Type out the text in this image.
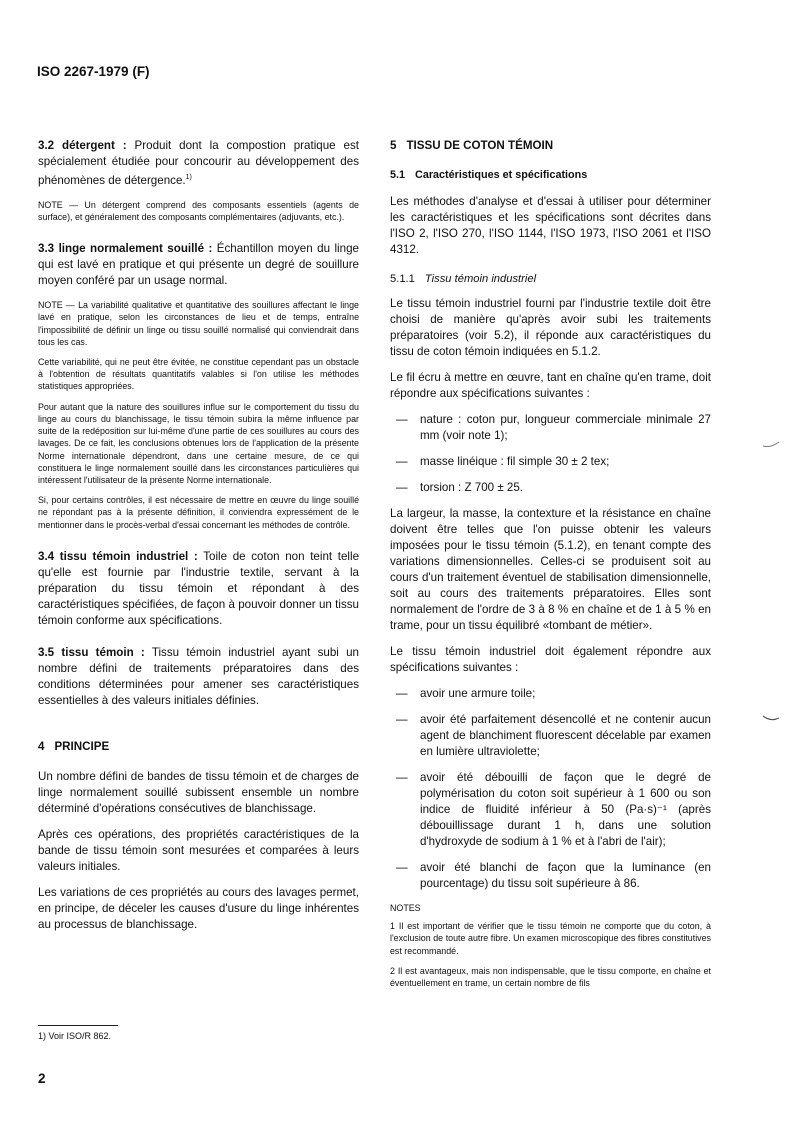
ISO 2267-1979 (F)

3.2 détergent : Produit dont la compostion pratique est spécialement étudiée pour concourir au développement des phénomènes de détergence.$^{1)}$

NOTE — Un détergent comprend des composants essentiels (agents de surface), et généralement des composants complémentaires (adjuvants, etc.).

3.3 linge normalement souillé : Échantillon moyen du linge qui est lavé en pratique et qui présente un degré de souillure moyen conféré par un usage normal.

NOTE — La variabilité qualitative et quantitative des souillures affectant le linge lavé en pratique, selon les circonstances de lieu et de temps, entraîne l'impossibilité de définir un linge ou tissu souillé normalisé qui conviendrait dans tous les cas.

Cette variabilité, qui ne peut être évitée, ne constitue cependant pas un obstacle à l'obtention de résultats quantitatifs valables si l'on utilise les méthodes statistiques appropriées.

Pour autant que la nature des souillures influe sur le comportement du tissu du linge au cours du blanchissage, le tissu témoin subira la même influence par suite de la redéposition sur lui-même d'une partie de ces souillures au cours des lavages. De ce fait, les conclusions obtenues lors de l'application de la présente Norme internationale dépendront, dans une certaine mesure, de ce qui constituera le linge normalement souillé dans les circonstances particulières qui intéressent l'utilisateur de la présente Norme internationale.

Si, pour certains contrôles, il est nécessaire de mettre en œuvre du linge souillé ne répondant pas à la présente définition, il conviendra expressément de le mentionner dans le procès-verbal d'essai concernant les méthodes de contrôle.

3.4 tissu témoin industriel : Toile de coton non teint telle qu'elle est fournie par l'industrie textile, servant à la préparation du tissu témoin et répondant à des caractéristiques spécifiées, de façon à pouvoir donner un tissu témoin conforme aux spécifications.

3.5 tissu témoin : Tissu témoin industriel ayant subi un nombre défini de traitements préparatoires dans des conditions déterminées pour amener ses caractéristiques essentielles à des valeurs initiales définies.

4 PRINCIPE

Un nombre défini de bandes de tissu témoin et de charges de linge normalement souillé subissent ensemble un nombre déterminé d'opérations consécutives de blanchissage.

Après ces opérations, des propriétés caractéristiques de la bande de tissu témoin sont mesurées et comparées à leurs valeurs initiales.

Les variations de ces propriétés au cours des lavages permet, en principe, de déceler les causes d'usure du linge inhérentes au processus de blanchissage.

5 TISSU DE COTON TÉMOIN
5.1 Caractéristiques et spécifications

Les méthodes d'analyse et d'essai à utiliser pour déterminer les caractéristiques et les spécifications sont décrites dans l'ISO 2, l'ISO 270, l'ISO 1144, l'ISO 1973, l'ISO 2061 et l'ISO 4312.

5.1.1 Tissu témoin industriel

Le tissu témoin industriel fourni par l'industrie textile doit être choisi de manière qu'après avoir subi les traitements préparatoires (voir 5.2), il réponde aux caractéristiques du tissu de coton témoin indiquées en 5.1.2.

Le fil écru à mettre en œuvre, tant en chaîne qu'en trame, doit répondre aux spécifications suivantes :

—	nature : coton pur, longueur commerciale minimale 27 mm (voir note 1);
—	masse linéique : fil simple 30 ± 2 tex;
—	torsion : Z 700 ± 25.

La largeur, la masse, la contexture et la résistance en chaîne doivent être telles que l'on puisse obtenir les valeurs imposées pour le tissu témoin (5.1.2), en tenant compte des variations dimensionnelles. Celles-ci se produisent soit au cours d'un traitement éventuel de stabilisation dimensionnelle, soit au cours des traitements préparatoires. Elles sont normalement de l'ordre de 3 à 8 % en chaîne et de 1 à 5 % en trame, pour un tissu équilibré «tombant de métier».

Le tissu témoin industriel doit également répondre aux spécifications suivantes :

—	avoir une armure toile;
—	avoir été parfaitement désencollé et ne contenir aucun agent de blanchiment fluorescent décelable par examen en lumière ultraviolette;
—	avoir été débouilli de façon que le degré de polymérisation du coton soit supérieur à 1 600 ou son indice de fluidité inférieur à 50 (Pa·s)⁻¹ (après débouillissage durant 1 h, dans une solution d'hydroxyde de sodium à 1 % et à l'abri de l'air);
—	avoir été blanchi de façon que la luminance (en pourcentage) du tissu soit supérieure à 86.

NOTES

1 Il est important de vérifier que le tissu témoin ne comporte que du coton, à l'exclusion de toute autre fibre. Un examen microscopique des fibres constitutives est recommandé.

2 Il est avantageux, mais non indispensable, que le tissu comporte, en chaîne et éventuellement en trame, un certain nombre de fils

1) Voir ISO/R 862.
2
